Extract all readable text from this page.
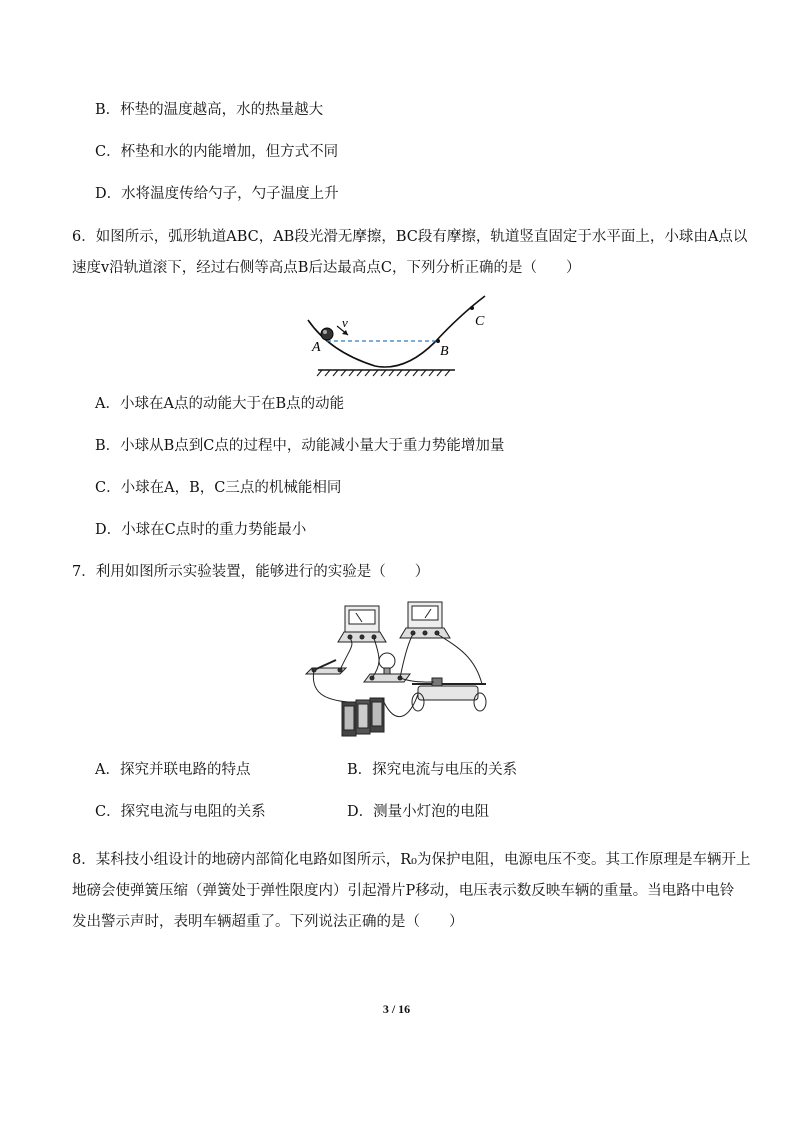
B．杯垫的温度越高，水的热量越大
C．杯垫和水的内能增加，但方式不同
D．水将温度传给勺子，勺子温度上升
6．如图所示，弧形轨道ABC，AB段光滑无摩擦，BC段有摩擦，轨道竖直固定于水平面上，小球由A点以
速度v沿轨道滚下，经过右侧等高点B后达最高点C，下列分析正确的是（　　）
v
A	B
C
A．小球在A点的动能大于在B点的动能
B．小球从B点到C点的过程中，动能减小量大于重力势能增加量
C．小球在A，B，C三点的机械能相同
D．小球在C点时的重力势能最小
7．利用如图所示实验装置，能够进行的实验是（　　）
A．探究并联电路的特点	B．探究电流与电压的关系
C．探究电流与电阻的关系	D．测量小灯泡的电阻
8．某科技小组设计的地磅内部简化电路如图所示，R₀为保护电阻，电源电压不变。其工作原理是车辆开上
地磅会使弹簧压缩（弹簧处于弹性限度内）引起滑片P移动，电压表示数反映车辆的重量。当电路中电铃
发出警示声时，表明车辆超重了。下列说法正确的是（　　）
3 / 16
